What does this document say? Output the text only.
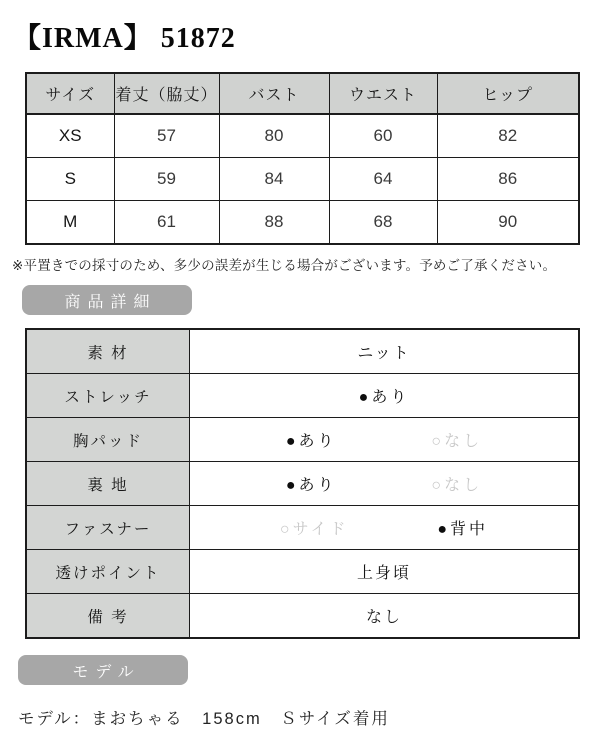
【IRMA】 51872
サイズ	着丈（脇丈）	バスト	ウエスト	ヒップ
XS	57	80	60	82
S	59	84	64	86
M	61	88	68	90
※平置きでの採寸のため、多少の誤差が生じる場合がございます。予めご了承ください。
商品詳細
素 材	ニット
ストレッチ	●あり
胸パッド	●あり ○なし

裏 地	●あり ○なし

ファスナー	○サイド ●背中

透けポイント	上身頃
備 考	なし
モデル
モデル：まおちゃる　158cm　Ｓサイズ着用
